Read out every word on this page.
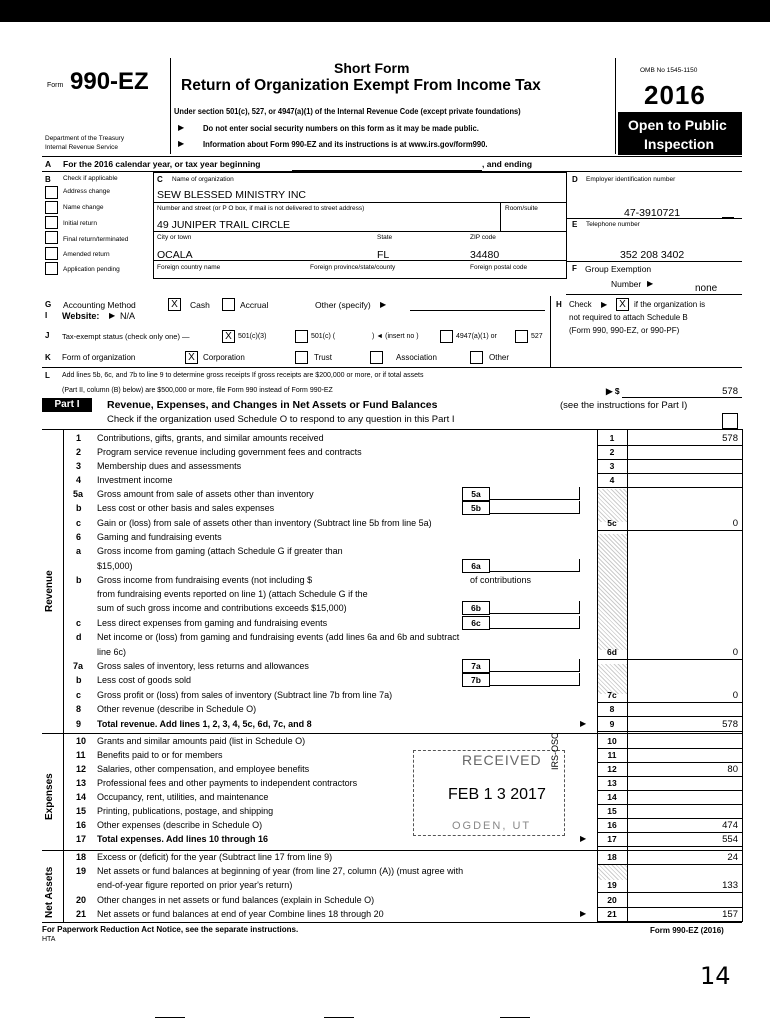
Form 990-EZ	Short Form
Return of Organization Exempt From Income Tax
Under section 501(c), 527, or 4947(a)(1) of the Internal Revenue Code (except private foundations)
▶ Do not enter social security numbers on this form as it may be made public.
▶ Information about Form 990-EZ and its instructions is at www.irs.gov/form990.
Department of the Treasury
Internal Revenue Service
OMB No 1545-1150
2016
Open to Public
Inspection
A For the 2016 calendar year, or tax year beginning	, and ending
B Check if applicable
Address change
Name change
Initial return
Final return/terminated
Amended return
Application pending
C Name of organization
SEW BLESSED MINISTRY INC
Number and street (or P O box, if mail is not delivered to street address)	Room/suite
49 JUNIPER TRAIL CIRCLE
City or town	State	ZIP code
OCALA	FL	34480
Foreign country name	Foreign province/state/county	Foreign postal code
D Employer identification number
47-3910721
E Telephone number
352 208 3402
F Group Exemption
Number ▶	none
G Accounting Method	X	Cash	Accrual	Other (specify) ▶	H Check ▶	X	if the organization is
not required to attach Schedule B
(Form 990, 990-EZ, or 990-PF)
I Website: ▶ N/A
J Tax-exempt status (check only one) —	X 501(c)(3)	501(c) (	) ◄ (insert no )	4947(a)(1) or	527
K Form of organization	X	Corporation	Trust	Association	Other
L Add lines 5b, 6c, and 7b to line 9 to determine gross receipts If gross receipts are $200,000 or more, or if total assets
(Part II, column (B) below) are $500,000 or more, file Form 990 instead of Form 990-EZ	▶ $	578
Part I	Revenue, Expenses, and Changes in Net Assets or Fund Balances	(see the instructions for Part I)
Check if the organization used Schedule O to respond to any question in this Part I
Revenue
Expenses
Net Assets
1 Contributions, gifts, grants, and similar amounts received	1	578
2 Program service revenue including government fees and contracts	2
3 Membership dues and assessments	3
4 Investment income	4
5a Gross amount from sale of assets other than inventory	5a
b Less cost or other basis and sales expenses	5b
c Gain or (loss) from sale of assets other than inventory (Subtract line 5b from line 5a)	5c	0
6 Gaming and fundraising events
a Gross income from gaming (attach Schedule G if greater than
$15,000)	6a
b Gross income from fundraising events (not including $	of contributions
from fundraising events reported on line 1) (attach Schedule G if the
sum of such gross income and contributions exceeds $15,000)	6b
c Less direct expenses from gaming and fundraising events	6c
d Net income or (loss) from gaming and fundraising events (add lines 6a and 6b and subtract
line 6c)	6d	0
7a Gross sales of inventory, less returns and allowances	7a
b Less cost of goods sold	7b
c Gross profit or (loss) from sales of inventory (Subtract line 7b from line 7a)	7c	0
8 Other revenue (describe in Schedule O)	8
9 Total revenue. Add lines 1, 2, 3, 4, 5c, 6d, 7c, and 8	9	578
▶
10 Grants and similar amounts paid (list in Schedule O)	10
11 Benefits paid to or for members	11
12 Salaries, other compensation, and employee benefits	12	80
13 Professional fees and other payments to independent contractors	13
14 Occupancy, rent, utilities, and maintenance	14
15 Printing, publications, postage, and shipping	15
16 Other expenses (describe in Schedule O)	16	474
17 Total expenses. Add lines 10 through 16	17	554
▶
18 Excess or (deficit) for the year (Subtract line 17 from line 9)	18	24
19 Net assets or fund balances at beginning of year (from line 27, column (A)) (must agree with
end-of-year figure reported on prior year's return)	19	133
20 Other changes in net assets or fund balances (explain in Schedule O)	20
21 Net assets or fund balances at end of year Combine lines 18 through 20	21	157
▶
RECEIVED
FEB 1 3 2017
IRS-OSC
OGDEN, UT
For Paperwork Reduction Act Notice, see the separate instructions.
HTA
Form 990-EZ (2016)
14
